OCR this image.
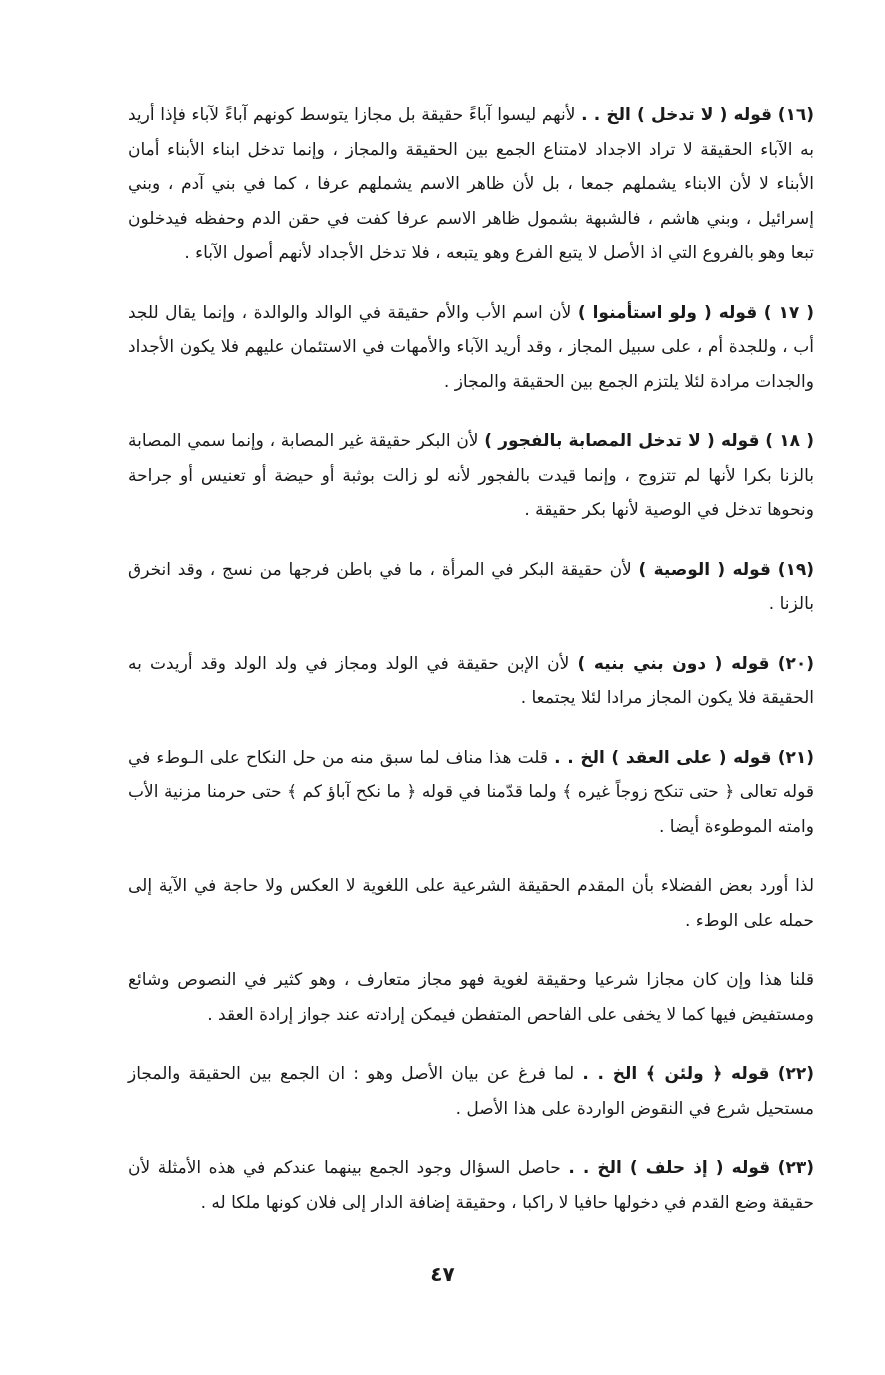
(١٦) قوله ( لا تدخل ) الخ . . لأنهم ليسوا آباءً حقيقة بل مجازا يتوسط كونهم آباءً لآباء فإذا أريد به الآباء الحقيقة لا تراد الاجداد لامتناع الجمع بين الحقيقة والمجاز ، وإنما تدخل ابناء الأبناء أمان الأبناء لا لأن الابناء يشملهم جمعا ، بل لأن ظاهر الاسم يشملهم عرفا ، كما في بني آدم ، وبني إسرائيل ، وبني هاشم ، فالشبهة بشمول ظاهر الاسم عرفا كفت في حقن الدم وحفظه فيدخلون تبعا وهو بالفروع التي اذ الأصل لا يتبع الفرع وهو يتبعه ، فلا تدخل الأجداد لأنهم أصول الآباء .

( ١٧ ) قوله ( ولو استأمنوا ) لأن اسم الأب والأم حقيقة في الوالد والوالدة ، وإنما يقال للجد أب ، وللجدة أم ، على سبيل المجاز ، وقد أريد الآباء والأمهات في الاستئمان عليهم فلا يكون الأجداد والجدات مرادة لئلا يلتزم الجمع بين الحقيقة والمجاز .

( ١٨ ) قوله ( لا تدخل المصابة بالفجور ) لأن البكر حقيقة غير المصابة ، وإنما سمي المصابة بالزنا بكرا لأنها لم تتزوج ، وإنما قيدت بالفجور لأنه لو زالت بوثبة أو حيضة أو تعنيس أو جراحة ونحوها تدخل في الوصية لأنها بكر حقيقة .

(١٩) قوله ( الوصية ) لأن حقيقة البكر في المرأة ، ما في باطن فرجها من نسج ، وقد انخرق بالزنا .

(٢٠) قوله ( دون بني بنيه ) لأن الإبن حقيقة في الولد ومجاز في ولد الولد وقد أريدت به الحقيقة فلا يكون المجاز مرادا لئلا يجتمعا .

(٢١) قوله ( على العقد ) الخ . . قلت هذا مناف لما سبق منه من حل النكاح على الـوطء في قوله تعالى ﴿ حتى تنكح زوجاً غيره ﴾ ولما قدّمنا في قوله ﴿ ما نكح آباؤ كم ﴾ حتى حرمنا مزنية الأب وامته الموطوءة أيضا .

لذا أورد بعض الفضلاء بأن المقدم الحقيقة الشرعية على اللغوية لا العكس ولا حاجة في الآية إلى حمله على الوطء .

قلنا هذا وإن كان مجازا شرعيا وحقيقة لغوية فهو مجاز متعارف ، وهو كثير في النصوص وشائع ومستفيض فيها كما لا يخفى على الفاحص المتفطن فيمكن إرادته عند جواز إرادة العقد .

(٢٢) قوله ﴿ ولئن ﴾ الخ . . لما فرغ عن بيان الأصل وهو : ان الجمع بين الحقيقة والمجاز مستحيل شرع في النقوض الواردة على هذا الأصل .

(٢٣) قوله ( إذ حلف ) الخ . . حاصل السؤال وجود الجمع بينهما عندكم في هذه الأمثلة لأن حقيقة وضع القدم في دخولها حافيا لا راكبا ، وحقيقة إضافة الدار إلى فلان كونها ملكا له .

٤٧
